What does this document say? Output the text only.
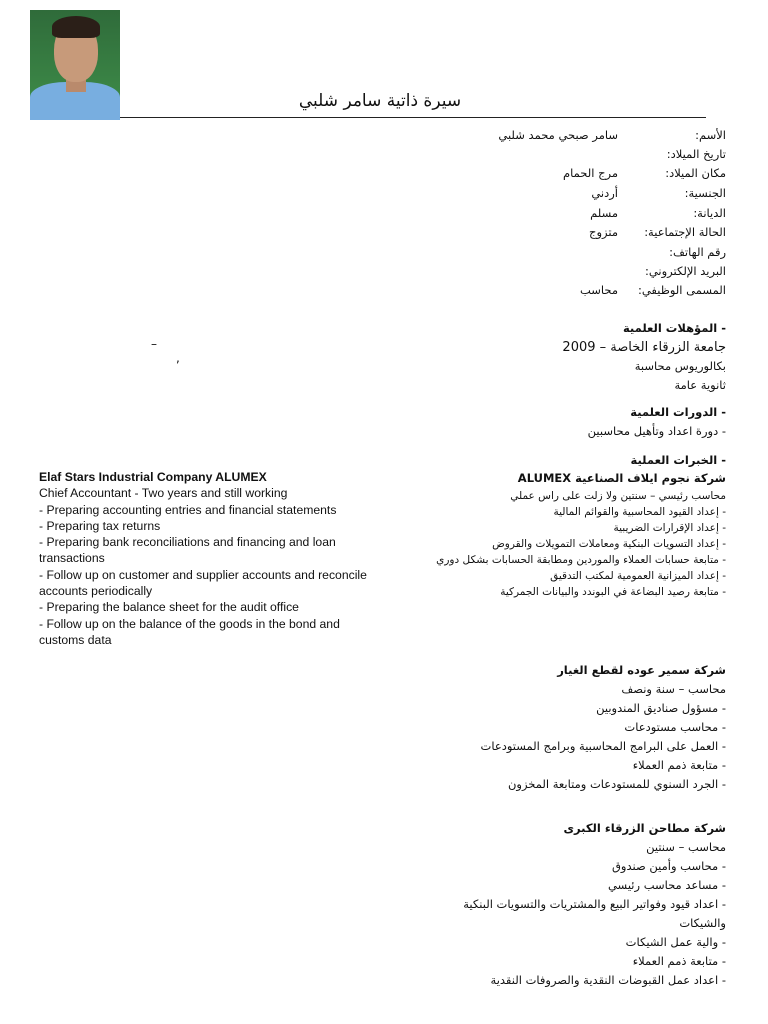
سيرة ذاتية سامر شلبي
الأسم:
سامر صبحي محمد شلبي
تاريخ الميلاد:
مكان الميلاد:
مرج الحمام
الجنسية:
أردني
الديانة:
مسلم
الحالة الإجتماعية:
متزوج
رقم الهاتف:
البريد الإلكتروني:
المسمى الوظيفي:
محاسب
- المؤهلات العلمية
جامعة الزرقاء الخاصة – 2009
بكالوريوس محاسبة
ثانوية عامة
–
,
- الدورات العلمية
- دورة اعداد وتأهيل محاسبين
- الخبرات العملية
شركة نجوم ايلاف الصناعية ALUMEX
محاسب رئيسي – سنتين ولا زلت على راس عملي
- إعداد القيود المحاسبية والقوائم المالية
- إعداد الإقرارات الضريبية
- إعداد التسويات البنكية ومعاملات التمويلات والقروض
- متابعة حسابات العملاء والموردين ومطابقة الحسابات بشكل دوري
- إعداد الميزانية العمومية لمكتب التدقيق
- متابعة رصيد البضاعة في البوندد والبيانات الجمركية
Elaf Stars Industrial Company ALUMEX
Chief Accountant - Two years and still working
- Preparing accounting entries and financial statements
- Preparing tax returns
- Preparing bank reconciliations and financing and loan transactions
- Follow up on customer and supplier accounts and reconcile accounts periodically
- Preparing the balance sheet for the audit office
- Follow up on the balance of the goods in the bond and customs data
شركة سمير عوده لقطع الغيار
محاسب – سنة ونصف
- مسؤول صناديق المندوبين
- محاسب مستودعات
- العمل على البرامج المحاسبية وبرامج المستودعات
- متابعة ذمم العملاء
- الجرد السنوي للمستودعات ومتابعة المخزون
شركة مطاحن الزرقاء الكبرى
محاسب – سنتين
- محاسب وأمين صندوق
- مساعد محاسب رئيسي
- اعداد قيود وفواتير البيع والمشتريات والتسويات البنكية
والشيكات
- والية عمل الشيكات
- متابعة ذمم العملاء
- اعداد عمل القبوضات النقدية والصروفات النقدية
